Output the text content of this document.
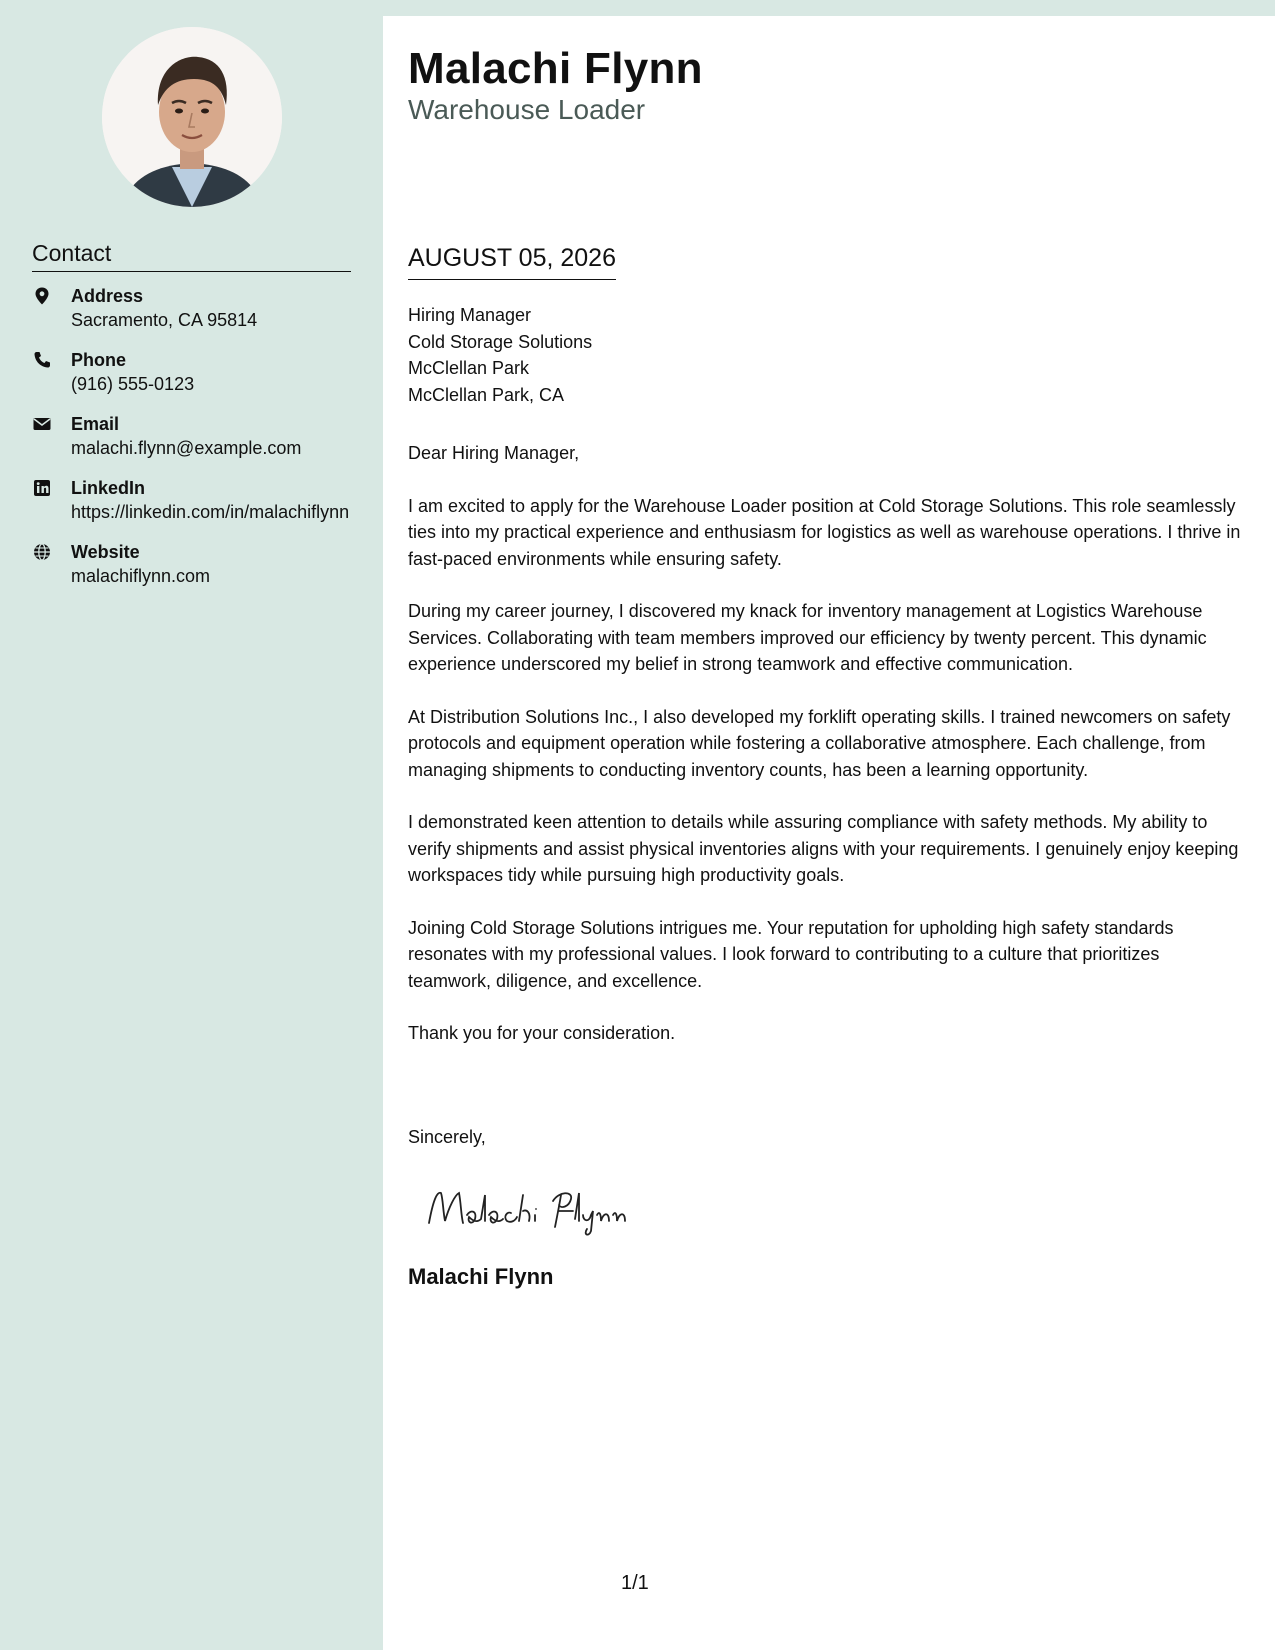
Contact
Address
Sacramento, CA 95814
Phone
(916) 555-0123
Email
malachi.flynn@example.com
LinkedIn
https://linkedin.com/in/malachiflynn
Website
malachiflynn.com
Malachi Flynn
Warehouse Loader
AUGUST 05, 2026
Hiring Manager
Cold Storage Solutions
McClellan Park
McClellan Park, CA

Dear Hiring Manager,

I am excited to apply for the Warehouse Loader position at Cold Storage Solutions. This role seamlessly ties into my practical experience and enthusiasm for logistics as well as warehouse operations. I thrive in fast-paced environments while ensuring safety.

During my career journey, I discovered my knack for inventory management at Logistics Warehouse Services. Collaborating with team members improved our efficiency by twenty percent. This dynamic experience underscored my belief in strong teamwork and effective communication.

At Distribution Solutions Inc., I also developed my forklift operating skills. I trained newcomers on safety protocols and equipment operation while fostering a collaborative atmosphere. Each challenge, from managing shipments to conducting inventory counts, has been a learning opportunity.

I demonstrated keen attention to details while assuring compliance with safety methods. My ability to verify shipments and assist physical inventories aligns with your requirements. I genuinely enjoy keeping workspaces tidy while pursuing high productivity goals.

Joining Cold Storage Solutions intrigues me. Your reputation for upholding high safety standards resonates with my professional values. I look forward to contributing to a culture that prioritizes teamwork, diligence, and excellence.

Thank you for your consideration.

Sincerely,
Malachi Flynn
1/1
